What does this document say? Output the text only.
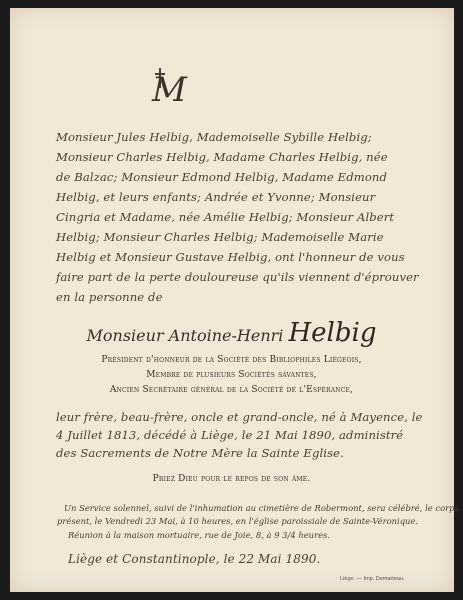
M
Monsieur Jules Helbig, Mademoiselle Sybille Helbig;
Monsieur Charles Helbig, Madame Charles Helbig, née
de Balzac; Monsieur Edmond Helbig, Madame Edmond
Helbig, et leurs enfants; Andrée et Yvonne; Monsieur
Cingria et Madame, née Amélie Helbig; Monsieur Albert
Helbig; Monsieur Charles Helbig; Mademoiselle Marie
Helbig et Monsieur Gustave Helbig, ont l'honneur de vous
faire part de la perte douloureuse qu'ils viennent d'éprouver
en la personne de
Monsieur Antoine-Henri Helbig
Président d'honneur de la Société des Bibliophiles Liégeois,
Membre de plusieurs Sociétés savantes,
Ancien Secrétaire général de la Société de l'Espérance,
leur frère, beau-frère, oncle et grand-oncle, né à Mayence, le
4 Juillet 1813, décédé à Liège, le 21 Mai 1890, administré
des Sacrements de Notre Mère la Sainte Eglise.
Priez Dieu pour le repos de son âme.
Un Service solennel, suivi de l'inhumation au cimetière de Robermont, sera célébré, le corps
présent, le Vendredi 23 Mai, à 10 heures, en l'église paroissiale de Sainte-Véronique.
Réunion à la maison mortuaire, rue de Joie, 8, à 9 3/4 heures.
Liège et Constantinople, le 22 Mai 1890.
Liège. — Imp. Demarteau.
